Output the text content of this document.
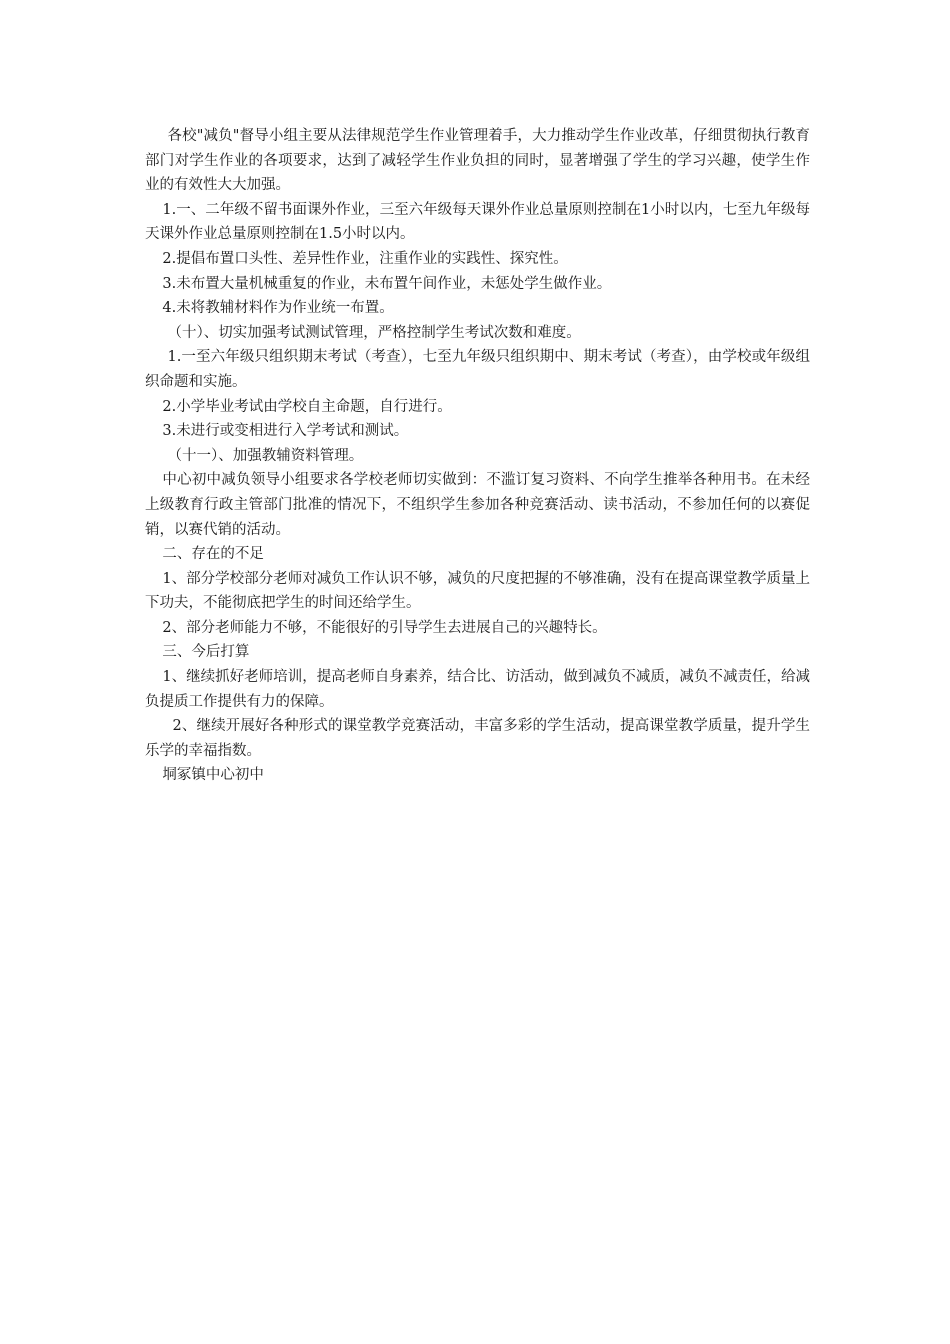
各校"减负"督导小组主要从法律规范学生作业管理着手，大力推动学生作业改革，仔细贯彻执行教育部门对学生作业的各项要求，达到了减轻学生作业负担的同时，显著增强了学生的学习兴趣，使学生作业的有效性大大加强。

1.一、二年级不留书面课外作业，三至六年级每天课外作业总量原则控制在1小时以内，七至九年级每天课外作业总量原则控制在1.5小时以内。

2.提倡布置口头性、差异性作业，注重作业的实践性、探究性。

3.未布置大量机械重复的作业，未布置午间作业，未惩处学生做作业。

4.未将教辅材料作为作业统一布置。

（十）、切实加强考试测试管理，严格控制学生考试次数和难度。

1.一至六年级只组织期末考试（考查），七至九年级只组织期中、期末考试（考查），由学校或年级组织命题和实施。

2.小学毕业考试由学校自主命题，自行进行。

3.未进行或变相进行入学考试和测试。

（十一）、加强教辅资料管理。

中心初中减负领导小组要求各学校老师切实做到：不滥订复习资料、不向学生推举各种用书。在未经上级教育行政主管部门批准的情况下，不组织学生参加各种竞赛活动、读书活动，不参加任何的以赛促销，以赛代销的活动。

二、存在的不足

1、部分学校部分老师对减负工作认识不够，减负的尺度把握的不够准确，没有在提高课堂教学质量上下功夫，不能彻底把学生的时间还给学生。

2、部分老师能力不够，不能很好的引导学生去进展自己的兴趣特长。

三、今后打算

1、继续抓好老师培训，提高老师自身素养，结合比、访活动，做到减负不减质，减负不减责任，给减负提质工作提供有力的保障。

2、继续开展好各种形式的课堂教学竞赛活动，丰富多彩的学生活动，提高课堂教学质量，提升学生乐学的幸福指数。

垌冢镇中心初中
